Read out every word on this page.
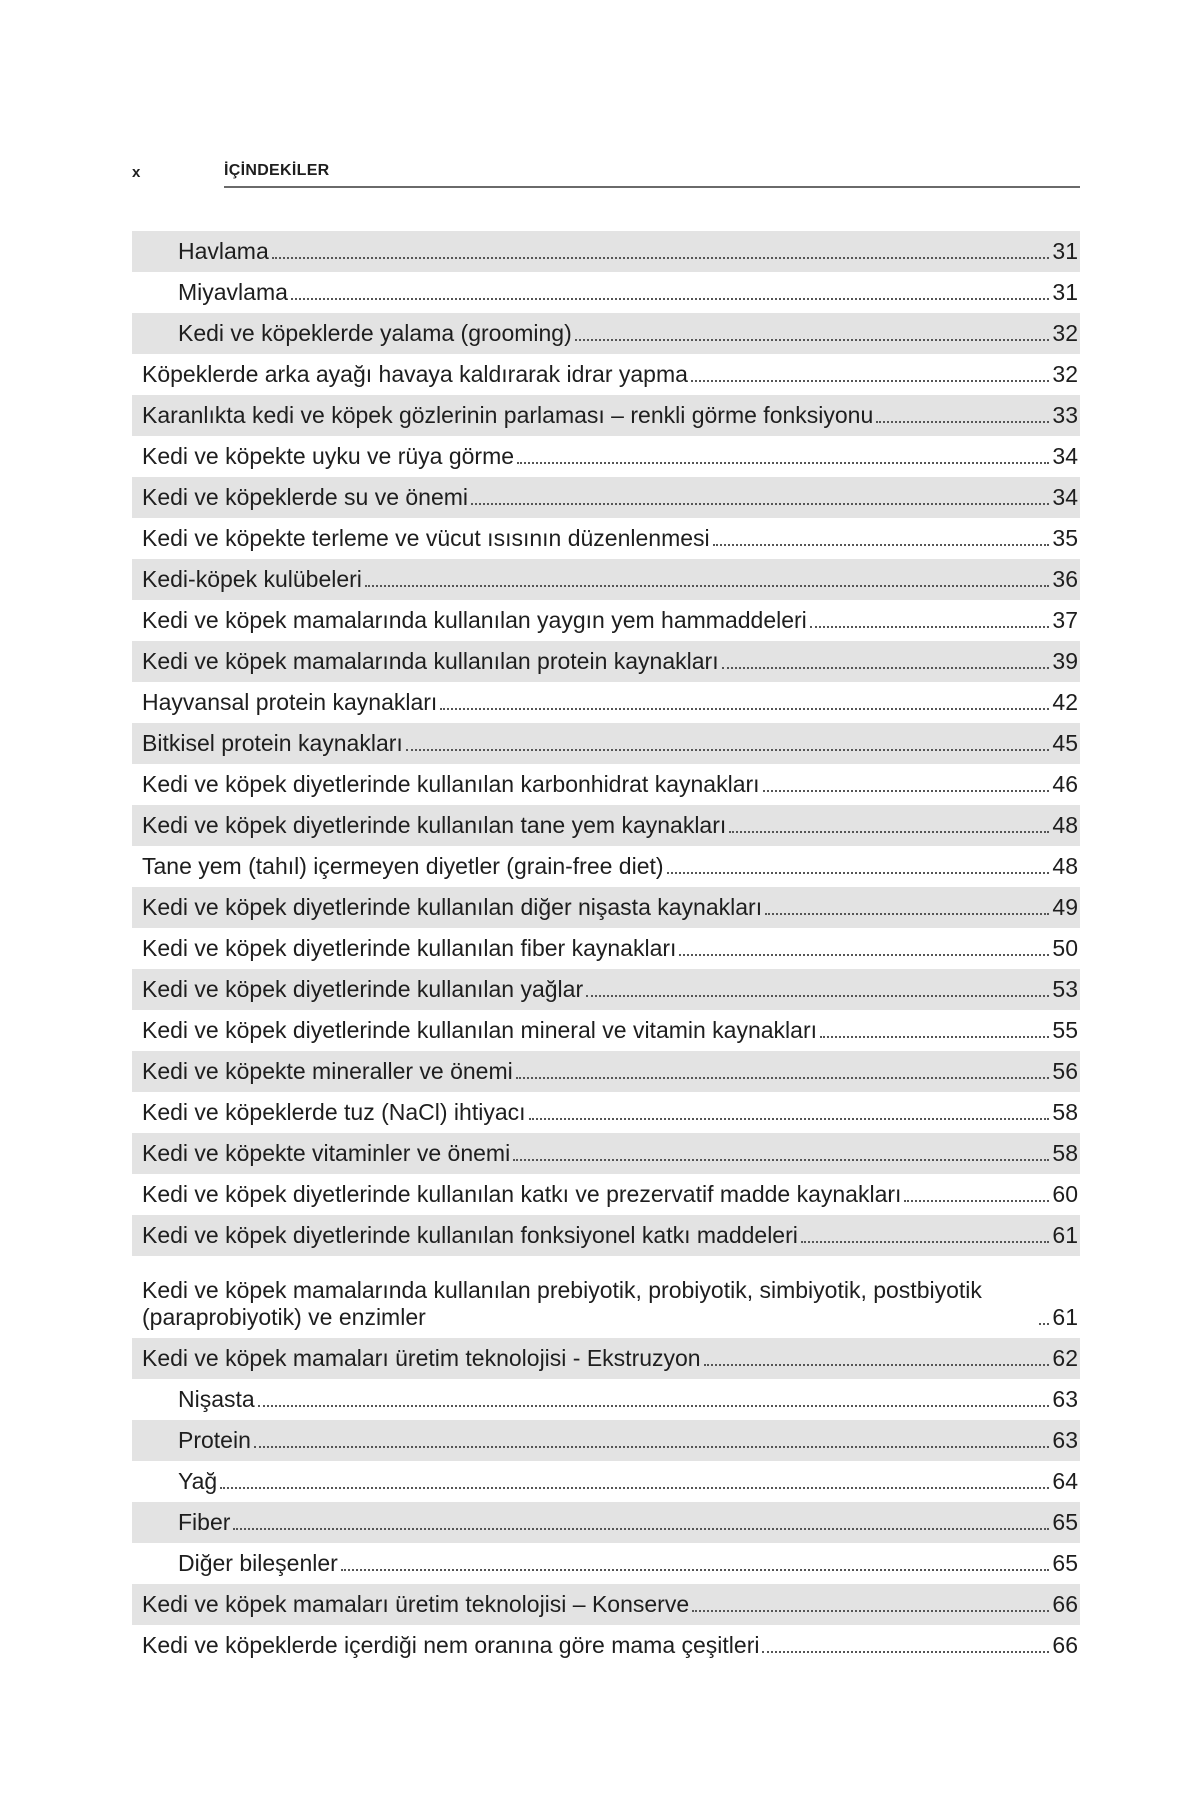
x	İÇİNDEKİLER
Havlama	31
Miyavlama	31
Kedi ve köpeklerde yalama (grooming)	32
Köpeklerde arka ayağı havaya kaldırarak idrar yapma	32
Karanlıkta kedi ve köpek gözlerinin parlaması – renkli görme fonksiyonu	33
Kedi ve köpekte uyku ve rüya görme	34
Kedi ve köpeklerde su ve önemi	34
Kedi ve köpekte terleme ve vücut ısısının düzenlenmesi	35
Kedi-köpek kulübeleri	36
Kedi ve köpek mamalarında kullanılan yaygın yem hammaddeleri	37
Kedi ve köpek mamalarında kullanılan protein kaynakları	39
Hayvansal protein kaynakları	42
Bitkisel protein kaynakları	45
Kedi ve köpek diyetlerinde kullanılan karbonhidrat kaynakları	46
Kedi ve köpek diyetlerinde kullanılan tane yem kaynakları	48
Tane yem (tahıl) içermeyen diyetler (grain-free diet)	48
Kedi ve köpek diyetlerinde kullanılan diğer nişasta kaynakları	49
Kedi ve köpek diyetlerinde kullanılan fiber kaynakları	50
Kedi ve köpek diyetlerinde kullanılan yağlar	53
Kedi ve köpek diyetlerinde kullanılan mineral ve vitamin kaynakları	55
Kedi ve köpekte mineraller ve önemi	56
Kedi ve köpeklerde tuz (NaCl) ihtiyacı	58
Kedi ve köpekte vitaminler ve önemi	58
Kedi ve köpek diyetlerinde kullanılan katkı ve prezervatif madde kaynakları	60
Kedi ve köpek diyetlerinde kullanılan fonksiyonel katkı maddeleri	61
Kedi ve köpek mamalarında kullanılan prebiyotik, probiyotik, simbiyotik, postbiyotik (paraprobiyotik) ve enzimler	61
Kedi ve köpek mamaları üretim teknolojisi - Ekstruzyon	62
Nişasta	63
Protein	63
Yağ	64
Fiber	65
Diğer bileşenler	65
Kedi ve köpek mamaları üretim teknolojisi – Konserve	66
Kedi ve köpeklerde içerdiği nem oranına göre mama çeşitleri	66
